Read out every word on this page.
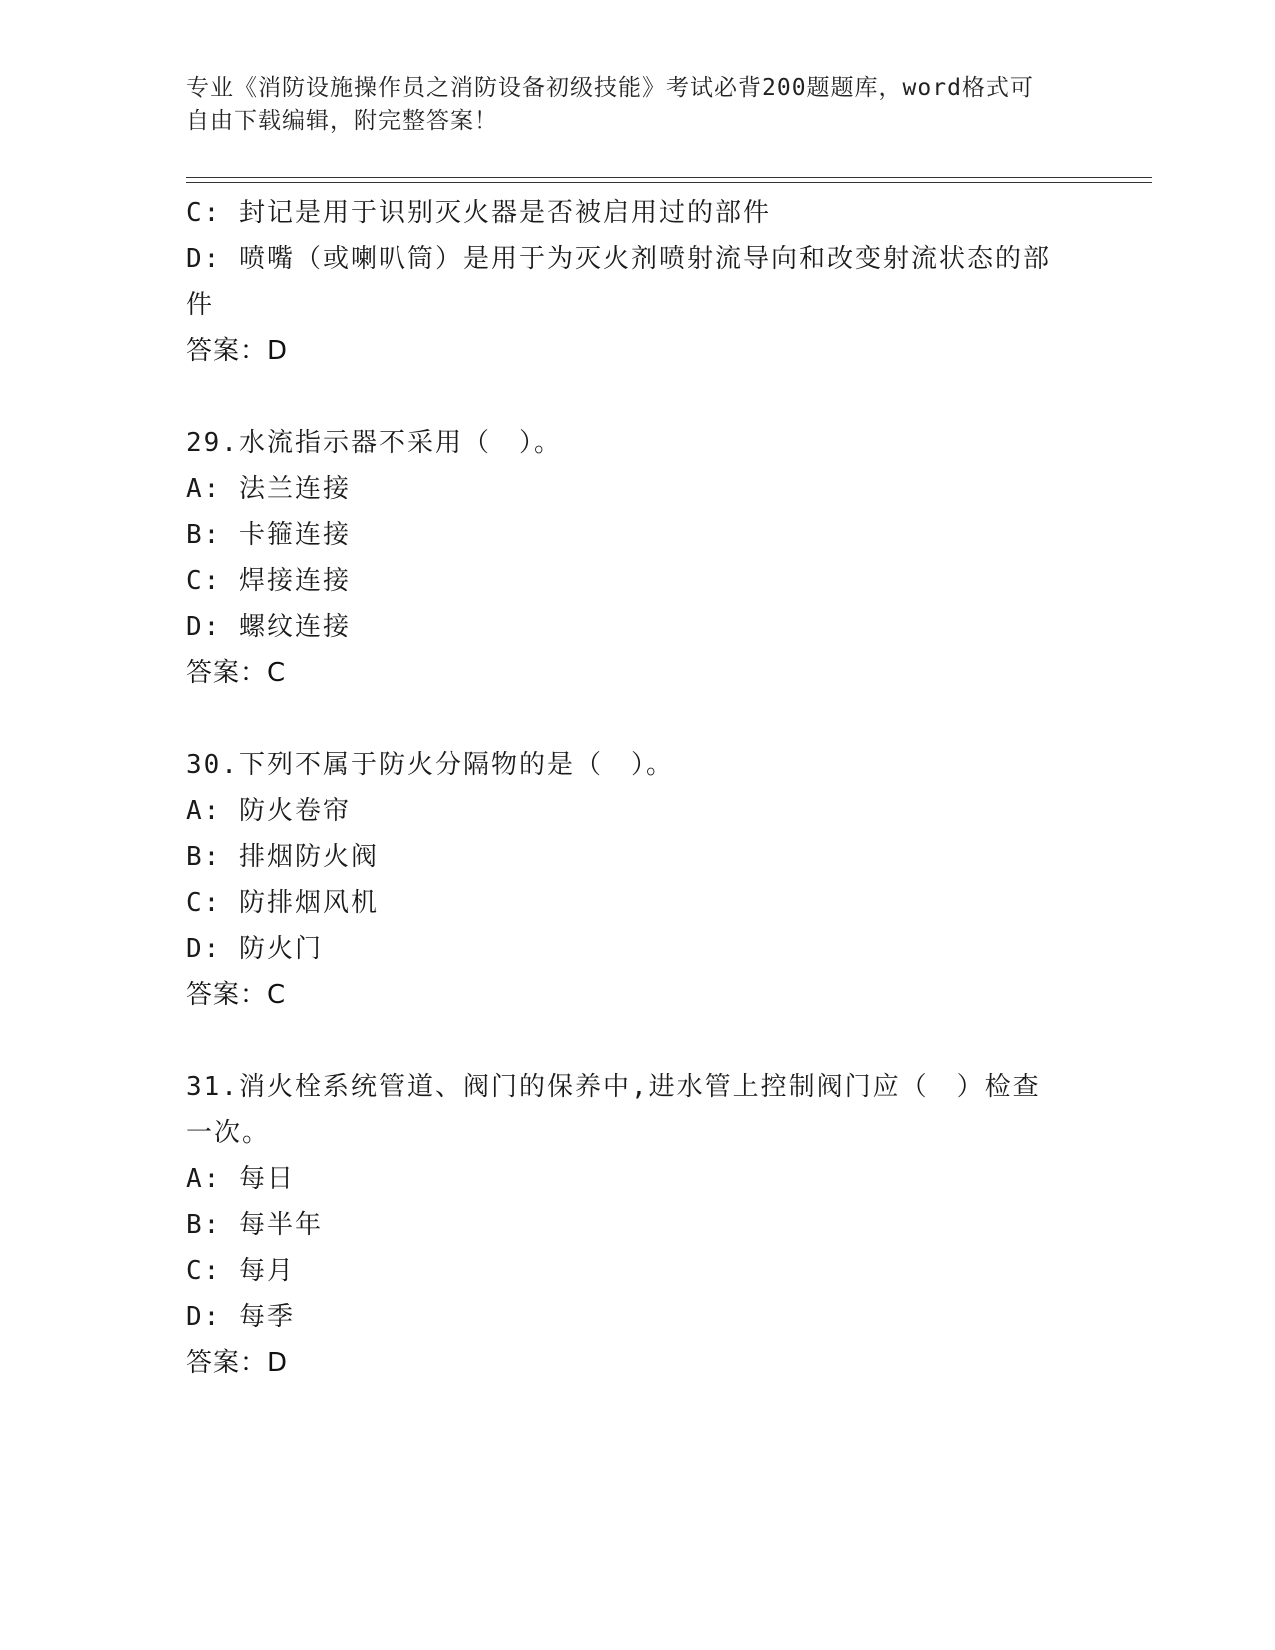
专业《消防设施操作员之消防设备初级技能》考试必背200题题库，word格式可
自由下载编辑，附完整答案！
C: 封记是用于识别灭火器是否被启用过的部件
D: 喷嘴（或喇叭筒）是用于为灭火剂喷射流导向和改变射流状态的部
件
答案：D
29.水流指示器不采用（　）。
A: 法兰连接
B: 卡箍连接
C: 焊接连接
D: 螺纹连接
答案：C
30.下列不属于防火分隔物的是（　）。
A: 防火卷帘
B: 排烟防火阀
C: 防排烟风机
D: 防火门
答案：C
31.消火栓系统管道、阀门的保养中,进水管上控制阀门应（　）检查
一次。
A: 每日
B: 每半年
C: 每月
D: 每季
答案：D
